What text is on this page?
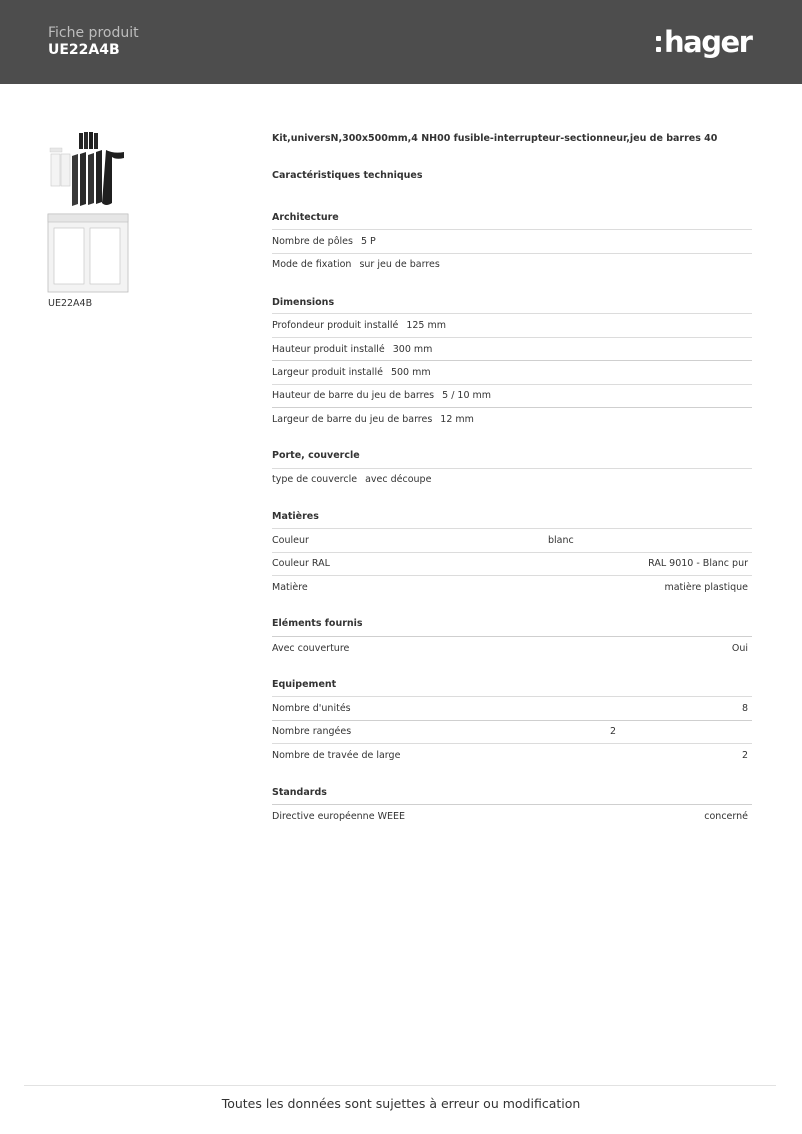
Fiche produit
UE22A4B	hager
UE22A4B
Kit,universN,300x500mm,4 NH00 fusible-interrupteur-sectionneur,jeu de barres 40
Caractéristiques techniques
Architecture
Nombre de pôles 5 P
Mode de fixation sur jeu de barres
Dimensions
Profondeur produit installé 125 mm
Hauteur produit installé 300 mm
Largeur produit installé 500 mm
Hauteur de barre du jeu de barres 5 / 10 mm
Largeur de barre du jeu de barres 12 mm
Porte, couvercle
type de couvercle avec découpe
Matières
Couleur	blanc
Couleur RAL	RAL 9010 - Blanc pur
Matière	matière plastique
Eléments fournis
Avec couverture	Oui
Equipement
Nombre d'unités	8
Nombre rangées	2
Nombre de travée de large	2
Standards
Directive européenne WEEE	concerné
Toutes les données sont sujettes à erreur ou modification
